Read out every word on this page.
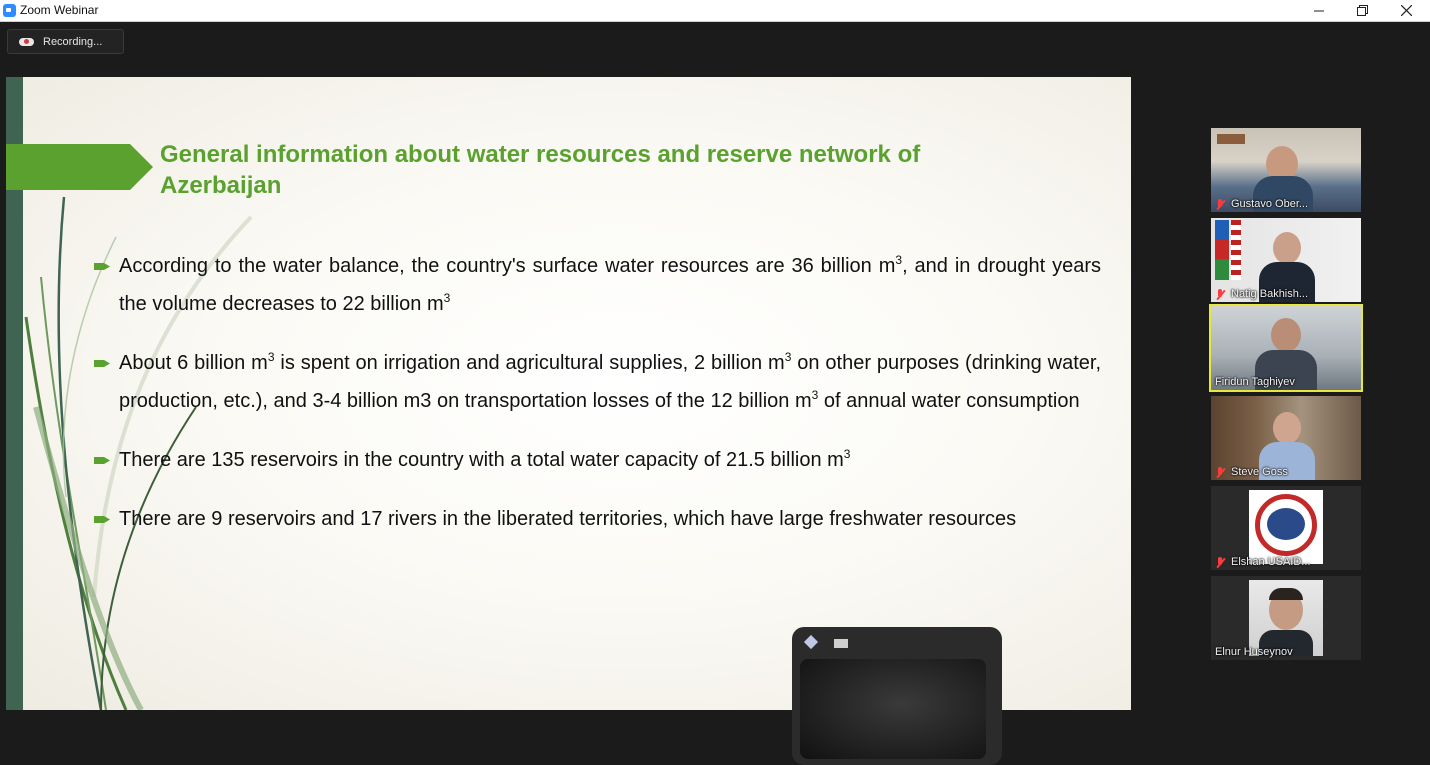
Zoom Webinar
Recording...
General information about water resources and reserve network of Azerbaijan
According to the water balance, the country's surface water resources are 36 billion $m^3$, and in drought years the volume decreases to 22 billion $m^3$
About 6 billion $m^3$ is spent on irrigation and agricultural supplies, 2 billion $m^3$ on other purposes (drinking water, production, etc.), and 3-4 billion m3 on transportation losses of the 12 billion $m^3$ of annual water consumption
There are 135 reservoirs in the country with a total water capacity of 21.5 billion $m^3$
There are 9 reservoirs and 17 rivers in the liberated territories, which have large freshwater resources
Gustavo Ober...
Natig Bakhish...
Firidun Taghiyev
Steve Goss
Elshan USAID...
Elnur Huseynov
